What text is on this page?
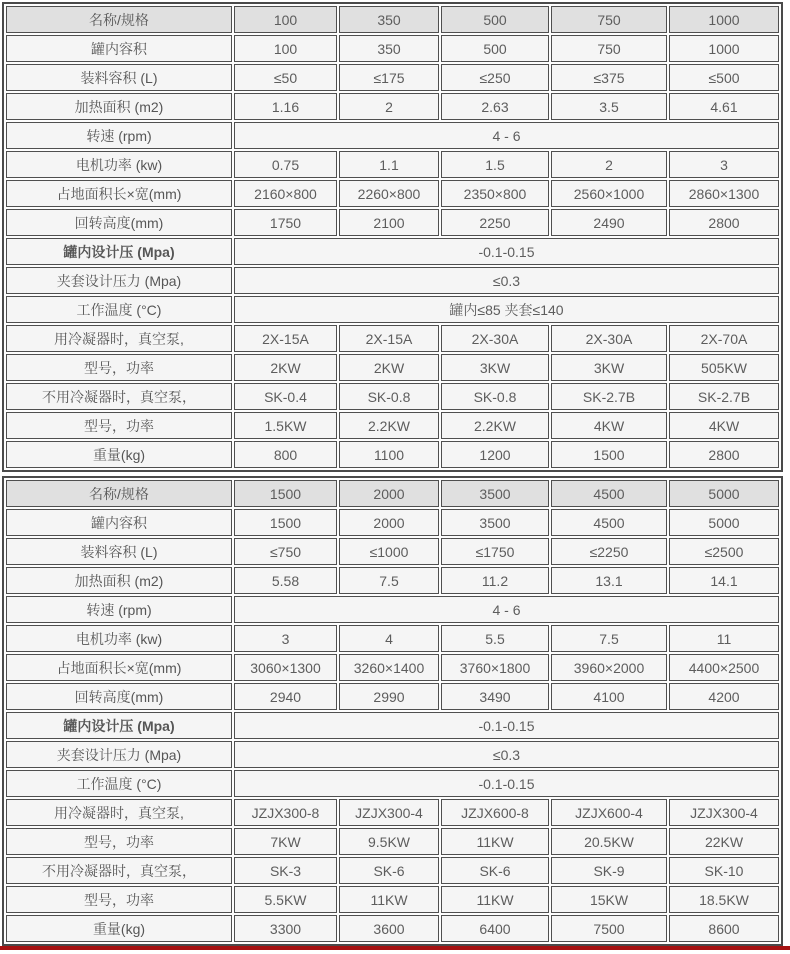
名称/规格	100	350	500	750	1000
罐内容积	100	350	500	750	1000
装料容积 (L)	≤50	≤175	≤250	≤375	≤500
加热面积 (m2)	1.16	2	2.63	3.5	4.61
转速 (rpm)	4 - 6				
电机功率 (kw)	0.75	1.1	1.5	2	3
占地面积长×宽(mm)	2160×800	2260×800	2350×800	2560×1000	2860×1300
回转高度(mm)	1750	2100	2250	2490	2800
罐内设计压 (Mpa)	-0.1-0.15				
夹套设计压力 (Mpa)	≤0.3				
工作温度 (°C)	罐内≤85 夹套≤140				
用冷凝器时，真空泵,	2X-15A	2X-15A	2X-30A	2X-30A	2X-70A
型号，功率	2KW	2KW	3KW	3KW	505KW
不用冷凝器时，真空泵，	SK-0.4	SK-0.8	SK-0.8	SK-2.7B	SK-2.7B
型号，功率	1.5KW	2.2KW	2.2KW	4KW	4KW
重量(kg)	800	1100	1200	1500	2800
名称/规格	1500	2000	3500	4500	5000
罐内容积	1500	2000	3500	4500	5000
装料容积 (L)	≤750	≤1000	≤1750	≤2250	≤2500
加热面积 (m2)	5.58	7.5	11.2	13.1	14.1
转速 (rpm)	4 - 6				
电机功率 (kw)	3	4	5.5	7.5	11
占地面积长×宽(mm)	3060×1300	3260×1400	3760×1800	3960×2000	4400×2500
回转高度(mm)	2940	2990	3490	4100	4200
罐内设计压 (Mpa)	-0.1-0.15				
夹套设计压力 (Mpa)	≤0.3				
工作温度 (°C)	-0.1-0.15				
用冷凝器时，真空泵,	JZJX300-8	JZJX300-4	JZJX600-8	JZJX600-4	JZJX300-4
型号，功率	7KW	9.5KW	11KW	20.5KW	22KW
不用冷凝器时，真空泵，	SK-3	SK-6	SK-6	SK-9	SK-10
型号，功率	5.5KW	11KW	11KW	15KW	18.5KW
重量(kg)	3300	3600	6400	7500	8600
